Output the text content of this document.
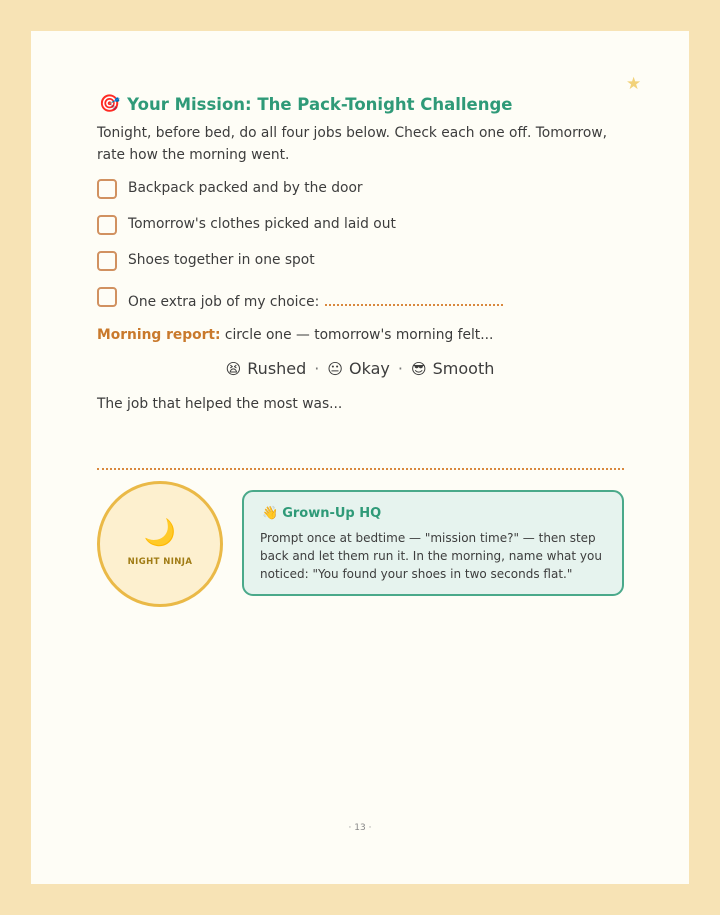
★
🎯 Your Mission: The Pack-Tonight Challenge
Tonight, before bed, do all four jobs below. Check each one off. Tomorrow, rate how the morning went.
Backpack packed and by the door
Tomorrow's clothes picked and laid out
Shoes together in one spot
One extra job of my choice:
Morning report: circle one — tomorrow's morning felt...
😫 Rushed · 😐 Okay · 😎 Smooth
The job that helped the most was...
🌙
NIGHT NINJA
👋 Grown-Up HQ
Prompt once at bedtime — "mission time?" — then step back and let them run it. In the morning, name what you noticed: "You found your shoes in two seconds flat."
· 13 ·
